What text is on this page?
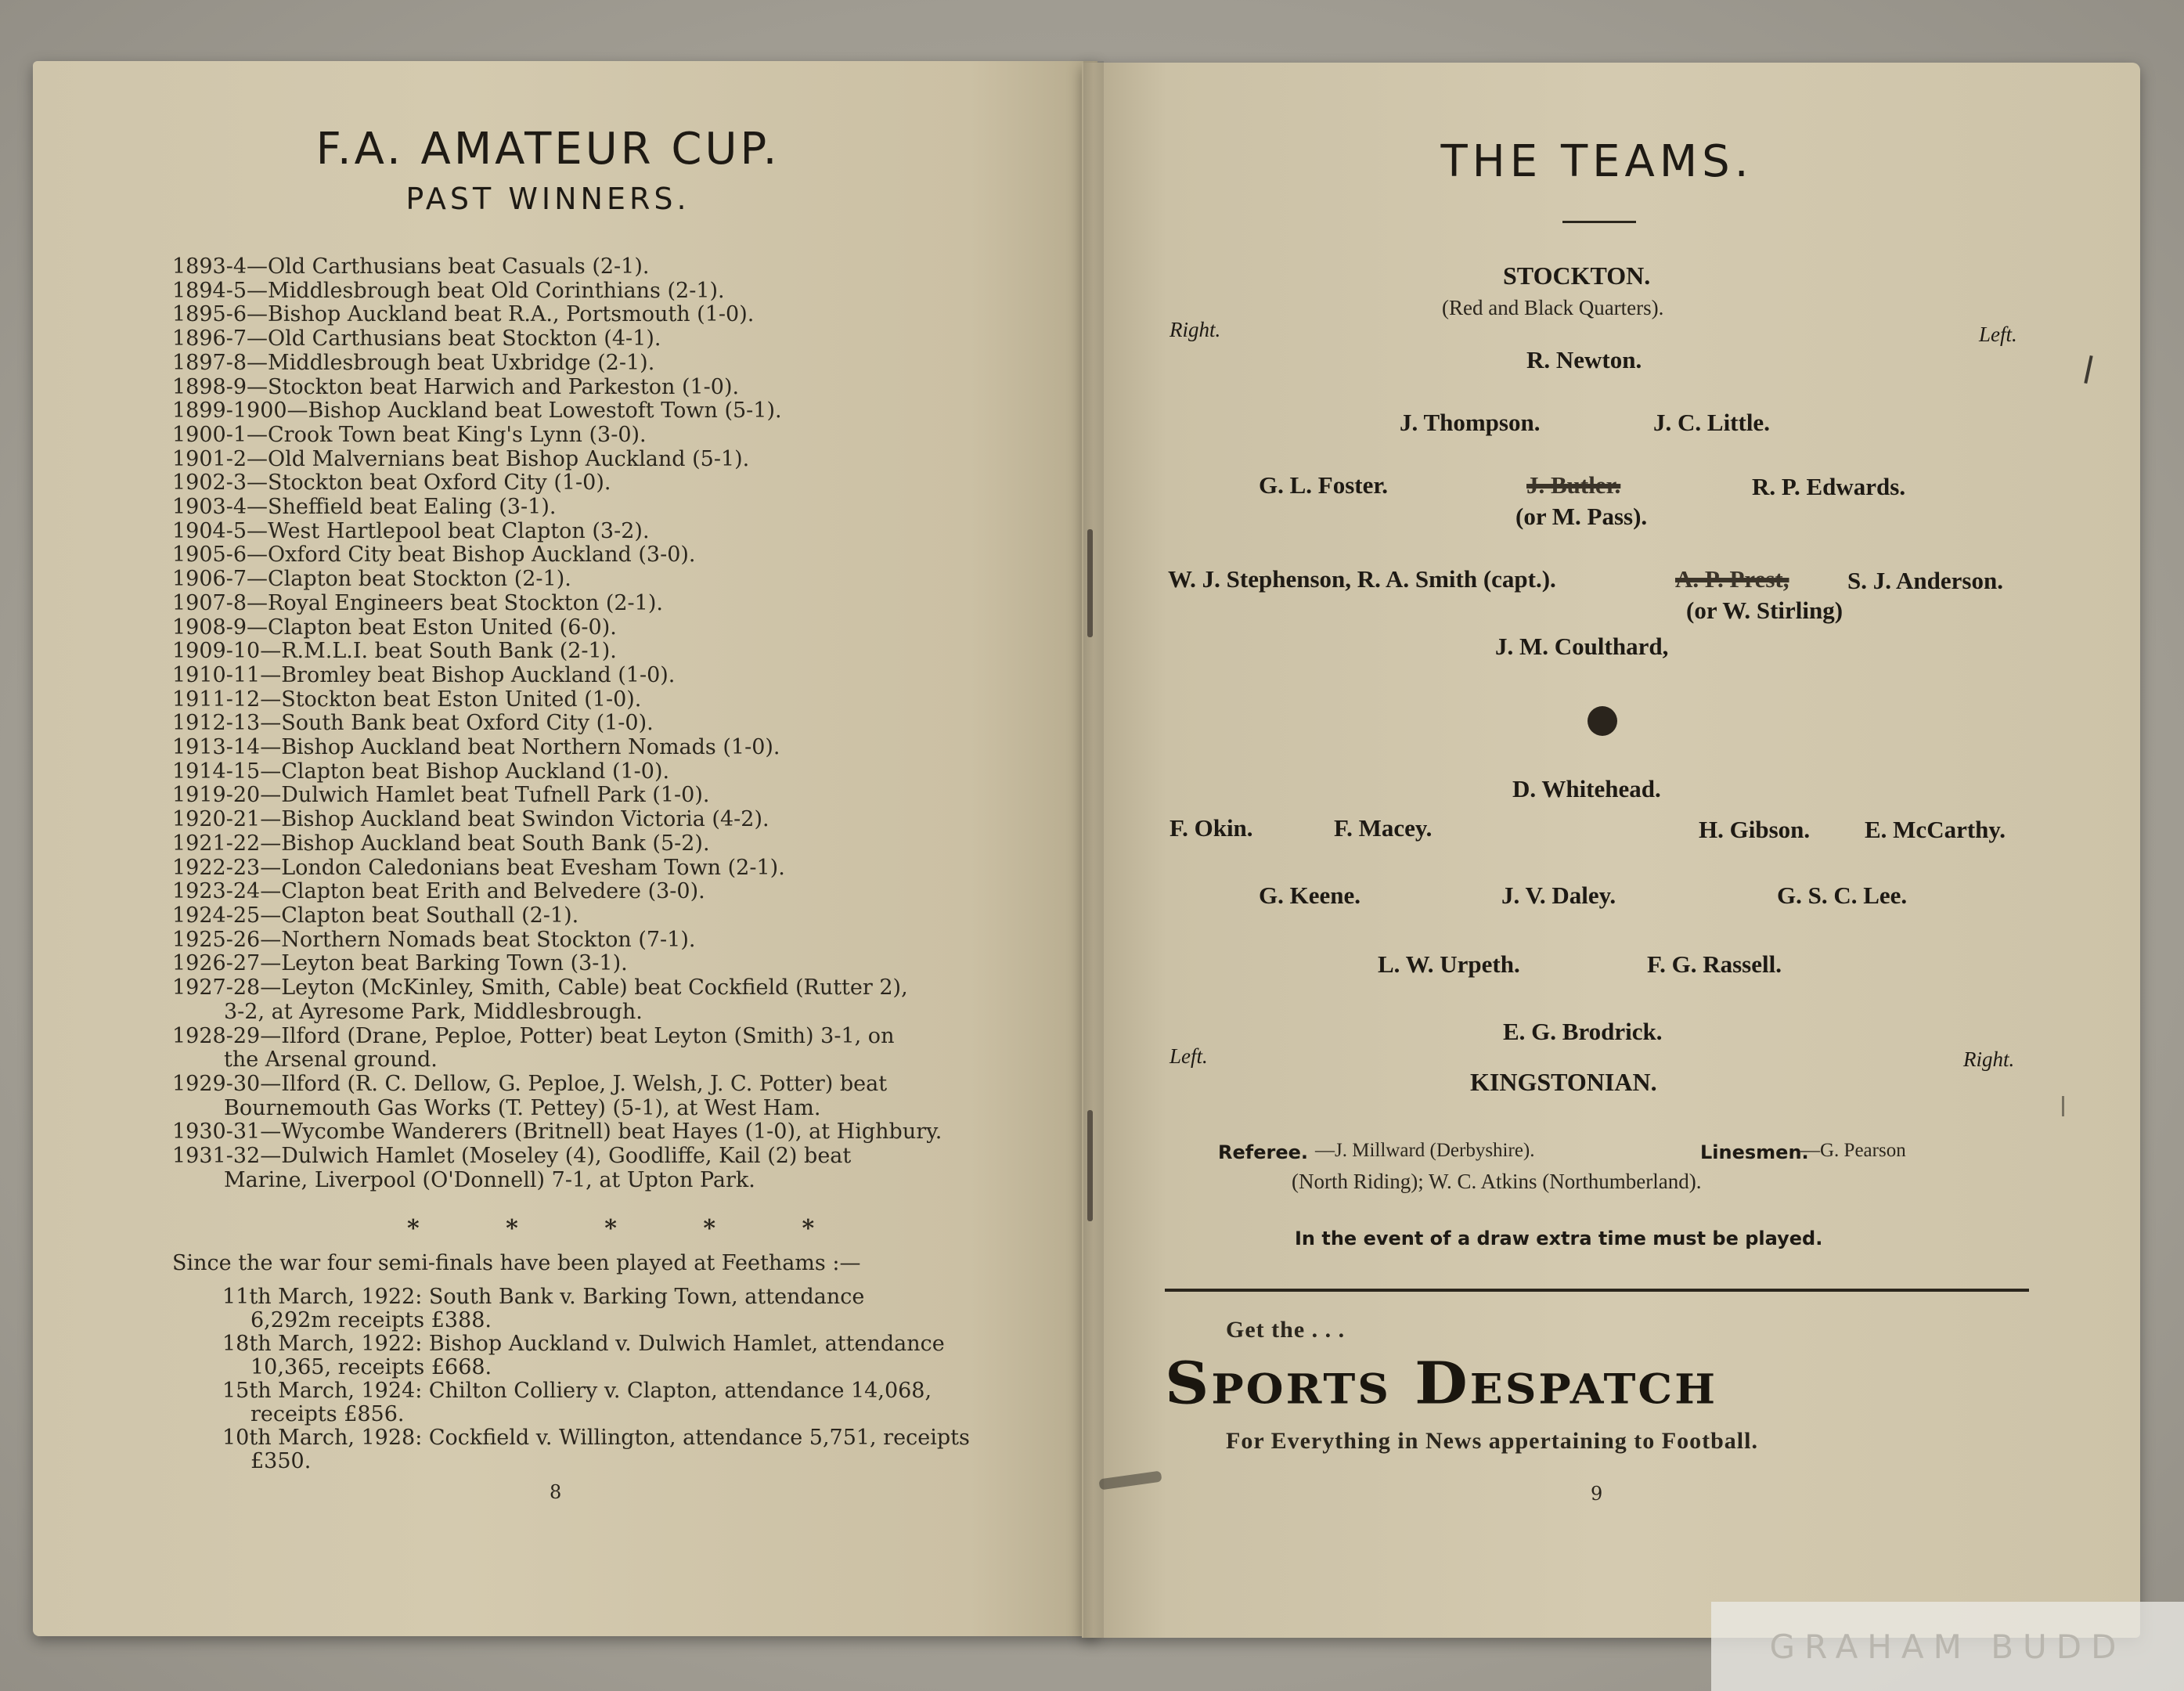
F.A. AMATEUR CUP.
PAST WINNERS.
1893-4—Old Carthusians beat Casuals (2-1).
1894-5—Middlesbrough beat Old Corinthians (2-1).
1895-6—Bishop Auckland beat R.A., Portsmouth (1-0).
1896-7—Old Carthusians beat Stockton (4-1).
1897-8—Middlesbrough beat Uxbridge (2-1).
1898-9—Stockton beat Harwich and Parkeston (1-0).
1899-1900—Bishop Auckland beat Lowestoft Town (5-1).
1900-1—Crook Town beat King's Lynn (3-0).
1901-2—Old Malvernians beat Bishop Auckland (5-1).
1902-3—Stockton beat Oxford City (1-0).
1903-4—Sheffield beat Ealing (3-1).
1904-5—West Hartlepool beat Clapton (3-2).
1905-6—Oxford City beat Bishop Auckland (3-0).
1906-7—Clapton beat Stockton (2-1).
1907-8—Royal Engineers beat Stockton (2-1).
1908-9—Clapton beat Eston United (6-0).
1909-10—R.M.L.I. beat South Bank (2-1).
1910-11—Bromley beat Bishop Auckland (1-0).
1911-12—Stockton beat Eston United (1-0).
1912-13—South Bank beat Oxford City (1-0).
1913-14—Bishop Auckland beat Northern Nomads (1-0).
1914-15—Clapton beat Bishop Auckland (1-0).
1919-20—Dulwich Hamlet beat Tufnell Park (1-0).
1920-21—Bishop Auckland beat Swindon Victoria (4-2).
1921-22—Bishop Auckland beat South Bank (5-2).
1922-23—London Caledonians beat Evesham Town (2-1).
1923-24—Clapton beat Erith and Belvedere (3-0).
1924-25—Clapton beat Southall (2-1).
1925-26—Northern Nomads beat Stockton (7-1).
1926-27—Leyton beat Barking Town (3-1).
1927-28—Leyton (McKinley, Smith, Cable) beat Cockfield (Rutter 2),
3-2, at Ayresome Park, Middlesbrough.
1928-29—Ilford (Drane, Peploe, Potter) beat Leyton (Smith) 3-1, on
the Arsenal ground.
1929-30—Ilford (R. C. Dellow, G. Peploe, J. Welsh, J. C. Potter) beat
Bournemouth Gas Works (T. Pettey) (5-1), at West Ham.
1930-31—Wycombe Wanderers (Britnell) beat Hayes (1-0), at Highbury.
1931-32—Dulwich Hamlet (Moseley (4), Goodliffe, Kail (2) beat
Marine, Liverpool (O'Donnell) 7-1, at Upton Park.
* * * * *
Since the war four semi-finals have been played at Feethams :—
11th March, 1922: South Bank v. Barking Town, attendance
6,292m receipts £388.
18th March, 1922: Bishop Auckland v. Dulwich Hamlet, attendance
10,365, receipts £668.
15th March, 1924: Chilton Colliery v. Clapton, attendance 14,068,
receipts £856.
10th March, 1928: Cockfield v. Willington, attendance 5,751, receipts
£350.
8
THE TEAMS.
STOCKTON.
(Red and Black Quarters).
Right.	Left.
R. Newton.
J. Thompson.	J. C. Little.
G. L. Foster.	J. Butler.
(or M. Pass).
R. P. Edwards.
W. J. Stephenson, R. A. Smith (capt.).	A. P. Prest, S. J. Anderson.
(or W. Stirling)
J. M. Coulthard,
D. Whitehead.
F. Okin.	F. Macey.	H. Gibson. E. McCarthy.
G. Keene.	J. V. Daley.	G. S. C. Lee.
L. W. Urpeth.	F. G. Rassell.
E. G. Brodrick.
Left.	Right.
KINGSTONIAN.
Referee. —J. Millward (Derbyshire).	Linesmen.
—G. Pearson
(North Riding); W. C. Atkins (Northumberland).
In the event of a draw extra time must be played.
Get the . . .
Sports Despatch
For Everything in News appertaining to Football.
9
GRAHAM BUDD
